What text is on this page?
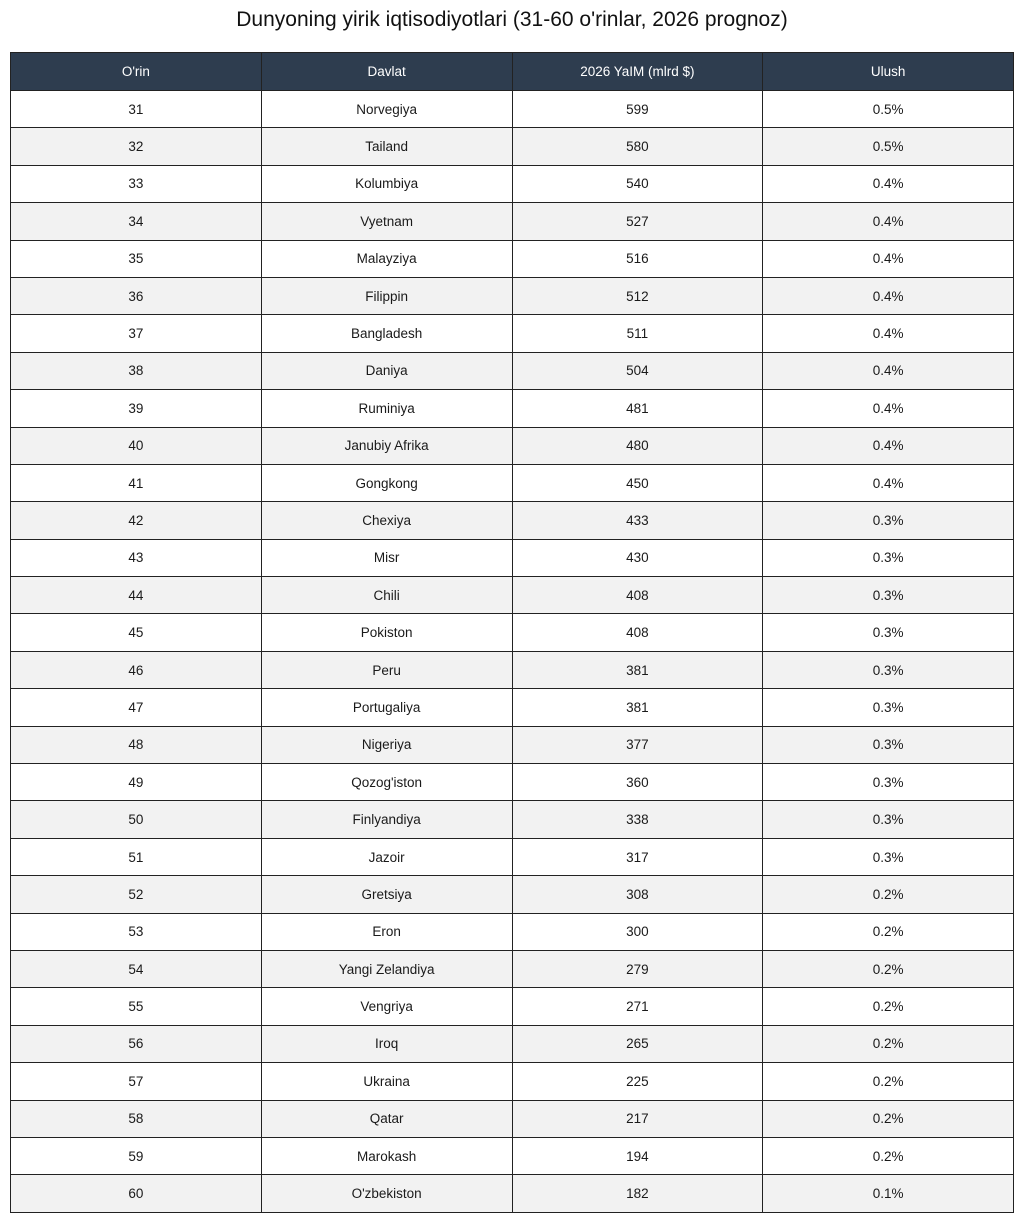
Dunyoning yirik iqtisodiyotlari (31-60 o'rinlar, 2026 prognoz)
O'rin	Davlat	2026 YaIM (mlrd $)	Ulush
31	Norvegiya	599	0.5%
32	Tailand	580	0.5%
33	Kolumbiya	540	0.4%
34	Vyetnam	527	0.4%
35	Malayziya	516	0.4%
36	Filippin	512	0.4%
37	Bangladesh	511	0.4%
38	Daniya	504	0.4%
39	Ruminiya	481	0.4%
40	Janubiy Afrika	480	0.4%
41	Gongkong	450	0.4%
42	Chexiya	433	0.3%
43	Misr	430	0.3%
44	Chili	408	0.3%
45	Pokiston	408	0.3%
46	Peru	381	0.3%
47	Portugaliya	381	0.3%
48	Nigeriya	377	0.3%
49	Qozog'iston	360	0.3%
50	Finlyandiya	338	0.3%
51	Jazoir	317	0.3%
52	Gretsiya	308	0.2%
53	Eron	300	0.2%
54	Yangi Zelandiya	279	0.2%
55	Vengriya	271	0.2%
56	Iroq	265	0.2%
57	Ukraina	225	0.2%
58	Qatar	217	0.2%
59	Marokash	194	0.2%
60	O'zbekiston	182	0.1%
